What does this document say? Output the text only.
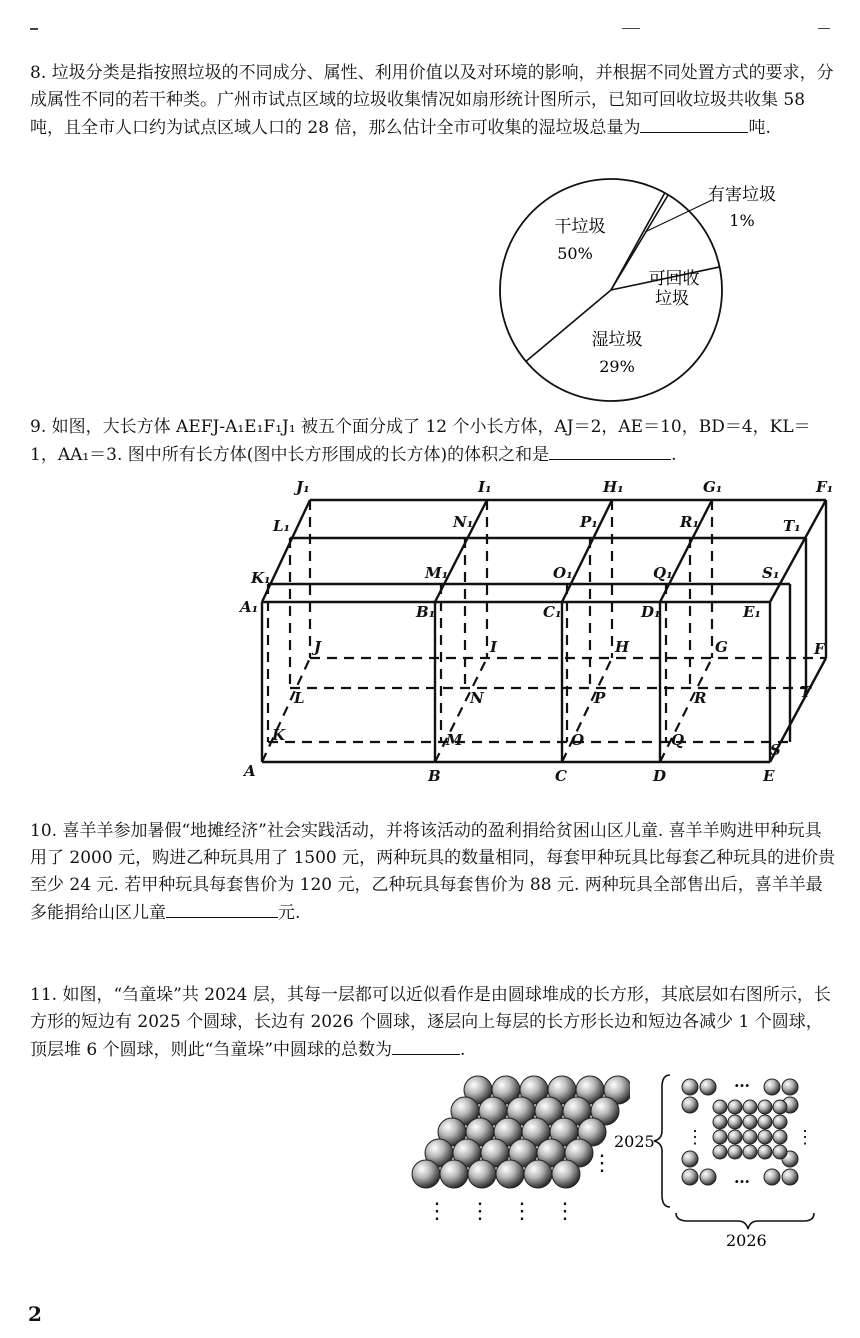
8. 垃圾分类是指按照垃圾的不同成分、属性、利用价值以及对环境的影响，并根据不同处置方式的要求，分成属性不同的若干种类。广州市试点区域的垃圾收集情况如扇形统计图所示，已知可回收垃圾共收集 58 吨，且全市人口约为试点区域人口的 28 倍，那么估计全市可收集的湿垃圾总量为	吨.

干垃圾
50%
有害垃圾
1%
可回收
垃圾
湿垃圾
29%

9. 如图，大长方体 AEFJ-A₁E₁F₁J₁ 被五个面分成了 12 个小长方体，AJ＝2，AE＝10，BD＝4，KL＝1，AA₁＝3. 图中所有长方体(图中长方形围成的长方体)的体积之和是	.

J₁	I₁	H₁	G₁	F₁
L₁	N₁	P₁	R₁	T₁
K₁	M₁	O₁	Q₁	S₁
A₁	B₁	C₁	D₁	E₁
J	I	H	G	F
L	N	P	R	T
K	M	O	Q
S
A	B	C	D	E

10. 喜羊羊参加暑假“地摊经济”社会实践活动，并将该活动的盈利捐给贫困山区儿童. 喜羊羊购进甲种玩具用了 2000 元，购进乙种玩具用了 1500 元，两种玩具的数量相同，每套甲种玩具比每套乙种玩具的进价贵至少 24 元. 若甲种玩具每套售价为 120 元，乙种玩具每套售价为 88 元. 两种玩具全部售出后，喜羊羊最多能捐给山区儿童	元.

11. 如图，“刍童垛”共 2024 层，其每一层都可以近似看作是由圆球堆成的长方形，其底层如右图所示，长方形的短边有 2025 个圆球，长边有 2026 个圆球，逐层向上每层的长方形长边和短边各减少 1 个圆球，顶层堆 6 个圆球，则此“刍童垛”中圆球的总数为	.

⋮ ⋮ ⋮ ⋮
⋮
2025
2026
…
…
⋮	⋮
2
